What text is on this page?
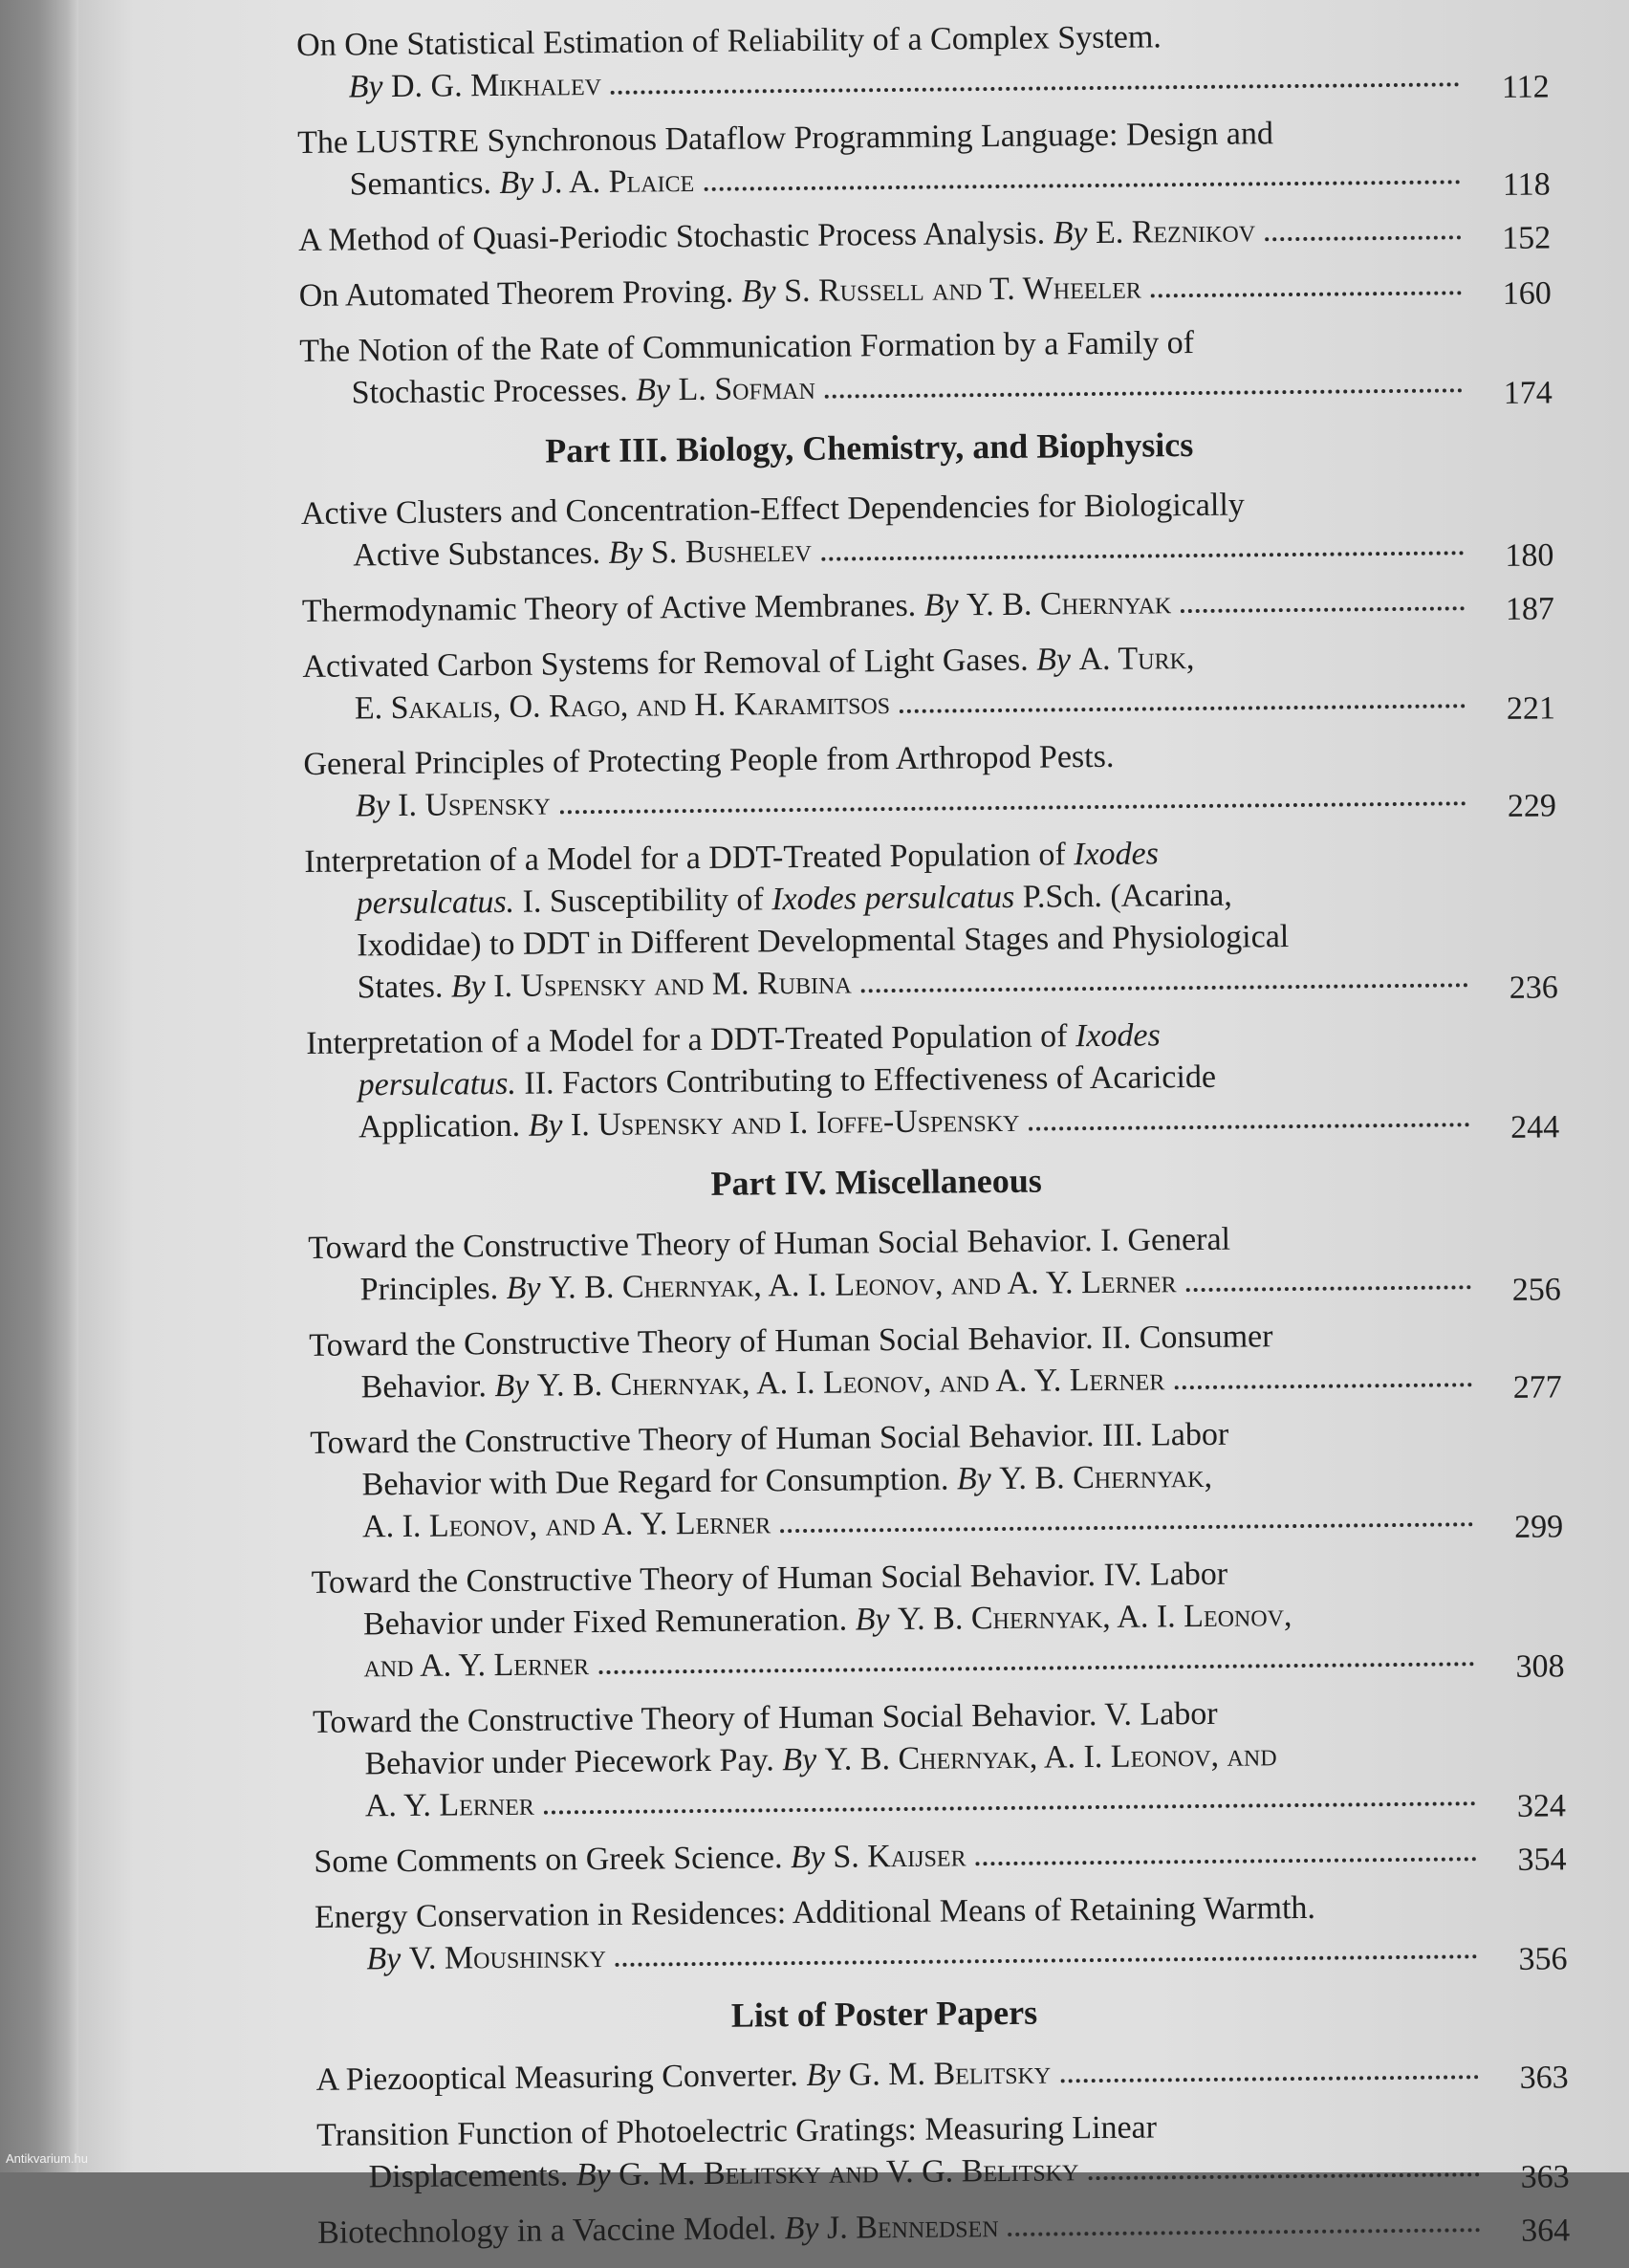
On One Statistical Estimation of Reliability of a Complex System.
By D. G. Mikhalev	112
The LUSTRE Synchronous Dataflow Programming Language: Design and
Semantics. By J. A. Plaice	118
A Method of Quasi-Periodic Stochastic Process Analysis. By E. Reznikov	152
On Automated Theorem Proving. By S. Russell and T. Wheeler	160
The Notion of the Rate of Communication Formation by a Family of
Stochastic Processes. By L. Sofman	174
Part III. Biology, Chemistry, and Biophysics
Active Clusters and Concentration-Effect Dependencies for Biologically
Active Substances. By S. Bushelev	180
Thermodynamic Theory of Active Membranes. By Y. B. Chernyak	187
Activated Carbon Systems for Removal of Light Gases. By A. Turk,
E. Sakalis, O. Rago, and H. Karamitsos	221
General Principles of Protecting People from Arthropod Pests.
By I. Uspensky	229
Interpretation of a Model for a DDT-Treated Population of Ixodes
persulcatus. I. Susceptibility of Ixodes persulcatus P.Sch. (Acarina,
Ixodidae) to DDT in Different Developmental Stages and Physiological
States. By I. Uspensky and M. Rubina	236
Interpretation of a Model for a DDT-Treated Population of Ixodes
persulcatus. II. Factors Contributing to Effectiveness of Acaricide
Application. By I. Uspensky and I. Ioffe-Uspensky	244
Part IV. Miscellaneous
Toward the Constructive Theory of Human Social Behavior. I. General
Principles. By Y. B. Chernyak, A. I. Leonov, and A. Y. Lerner	256
Toward the Constructive Theory of Human Social Behavior. II. Consumer
Behavior. By Y. B. Chernyak, A. I. Leonov, and A. Y. Lerner	277
Toward the Constructive Theory of Human Social Behavior. III. Labor
Behavior with Due Regard for Consumption. By Y. B. Chernyak,
A. I. Leonov, and A. Y. Lerner	299
Toward the Constructive Theory of Human Social Behavior. IV. Labor
Behavior under Fixed Remuneration. By Y. B. Chernyak, A. I. Leonov,
and A. Y. Lerner	308
Toward the Constructive Theory of Human Social Behavior. V. Labor
Behavior under Piecework Pay. By Y. B. Chernyak, A. I. Leonov, and
A. Y. Lerner	324
Some Comments on Greek Science. By S. Kaijser	354
Energy Conservation in Residences: Additional Means of Retaining Warmth.
By V. Moushinsky	356
List of Poster Papers
A Piezooptical Measuring Converter. By G. M. Belitsky	363
Transition Function of Photoelectric Gratings: Measuring Linear
Displacements. By G. M. Belitsky and V. G. Belitsky	363
Biotechnology in a Vaccine Model. By J. Bennedsen	364
Antikvarium.hu
